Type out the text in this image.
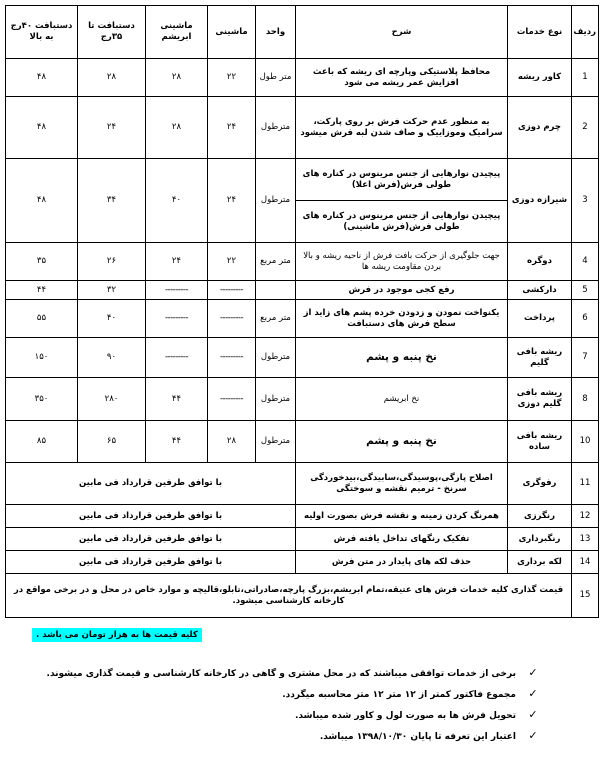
ردیف	نوع خدمات	شرح	واحد	ماشینی	ماشینی ابریشم	دستبافت تا ۳۵رج	دستبافت ۴۰رج به بالا
1	کاور ریشه	محافظ پلاستیکی وپارچه ای ریشه که باعث افزایش عمر ریشه می شود	متر طول	۲۲	۲۸	۲۸	۴۸
2	چرم دوزی	به منظور عدم حرکت فرش بر روی پارکت، سرامیک وموزاییک و صاف شدن لبه فرش میشود	مترطول	۲۴	۲۸	۲۴	۴۸
3	شیرازه دوزی	پیچیدن نوارهایی از جنس مرینوس در کناره های طولی فرش(فرش اعلا)	مترطول	۲۴	۴۰	۳۴	۴۸
		پیچیدن نوارهایی از جنس مرینوس در کناره های طولی فرش(فرش ماشینی)					
4	دوگره	جهت جلوگیری از حرکت بافت فرش از ناحیه ریشه و بالا بردن مقاومت ریشه ها	متر مربع	۲۲	۲۴	۲۶	۳۵
5	دارکشی	رفع کجی موجود در فرش		---------	---------	۳۲	۴۴
6	پرداخت	یکنواخت نمودن و زدودن خرده پشم های زاید از سطح فرش های دستبافت	متر مربع	---------	---------	۴۰	۵۵
7	ریشه بافی گلیم	نخ پنبه و پشم	مترطول	---------	---------	۹۰	۱۵۰
8	ریشه بافی گلیم دوزی	نخ ابریشم	مترطول	---------	۴۴	۲۸۰	۳۵۰
10	ریشه بافی ساده	نخ پنبه و پشم	مترطول	۲۸	۴۴	۶۵	۸۵
11	رفوگری	اصلاح پارگی،پوسیدگی،سابیدگی،بیدخوردگی سرنخ - ترمیم نقشه و سوختگی	با توافق طرفین قرارداد فی مابین				
12	رنگرزی	همرنگ کردن زمینه و نقشه فرش بصورت اولیه	با توافق طرفین قرارداد فی مابین				
13	رنگبرداری	تفکیک رنگهای تداخل یافته فرش	با توافق طرفین قرارداد فی مابین				
14	لکه برداری	حذف لکه های پایدار در متن فرش	با توافق طرفین قرارداد فی مابین				
15	قیمت گذاری کلیه خدمات فرش های عتیقه،تمام ابریشم،بزرگ پارچه،صادراتی،تابلو،قالیچه و موارد خاص در محل و در برخی مواقع در کارخانه کارشناسی میشود.						
کلیه قیمت ها به هزار تومان می باشد .
✓برخی از خدمات توافقی میباشند که در محل مشتری و گاهی در کارخانه کارشناسی و قیمت گذاری میشوند.
✓مجموع فاکتور کمتر از ۱۲ متر ۱۲ متر محاسبه میگردد.
✓تحویل فرش ها به صورت لول و کاور شده میباشد.
✓اعتبار این تعرفه تا پایان ۱۳۹۸/۱۰/۳۰ میباشد.
